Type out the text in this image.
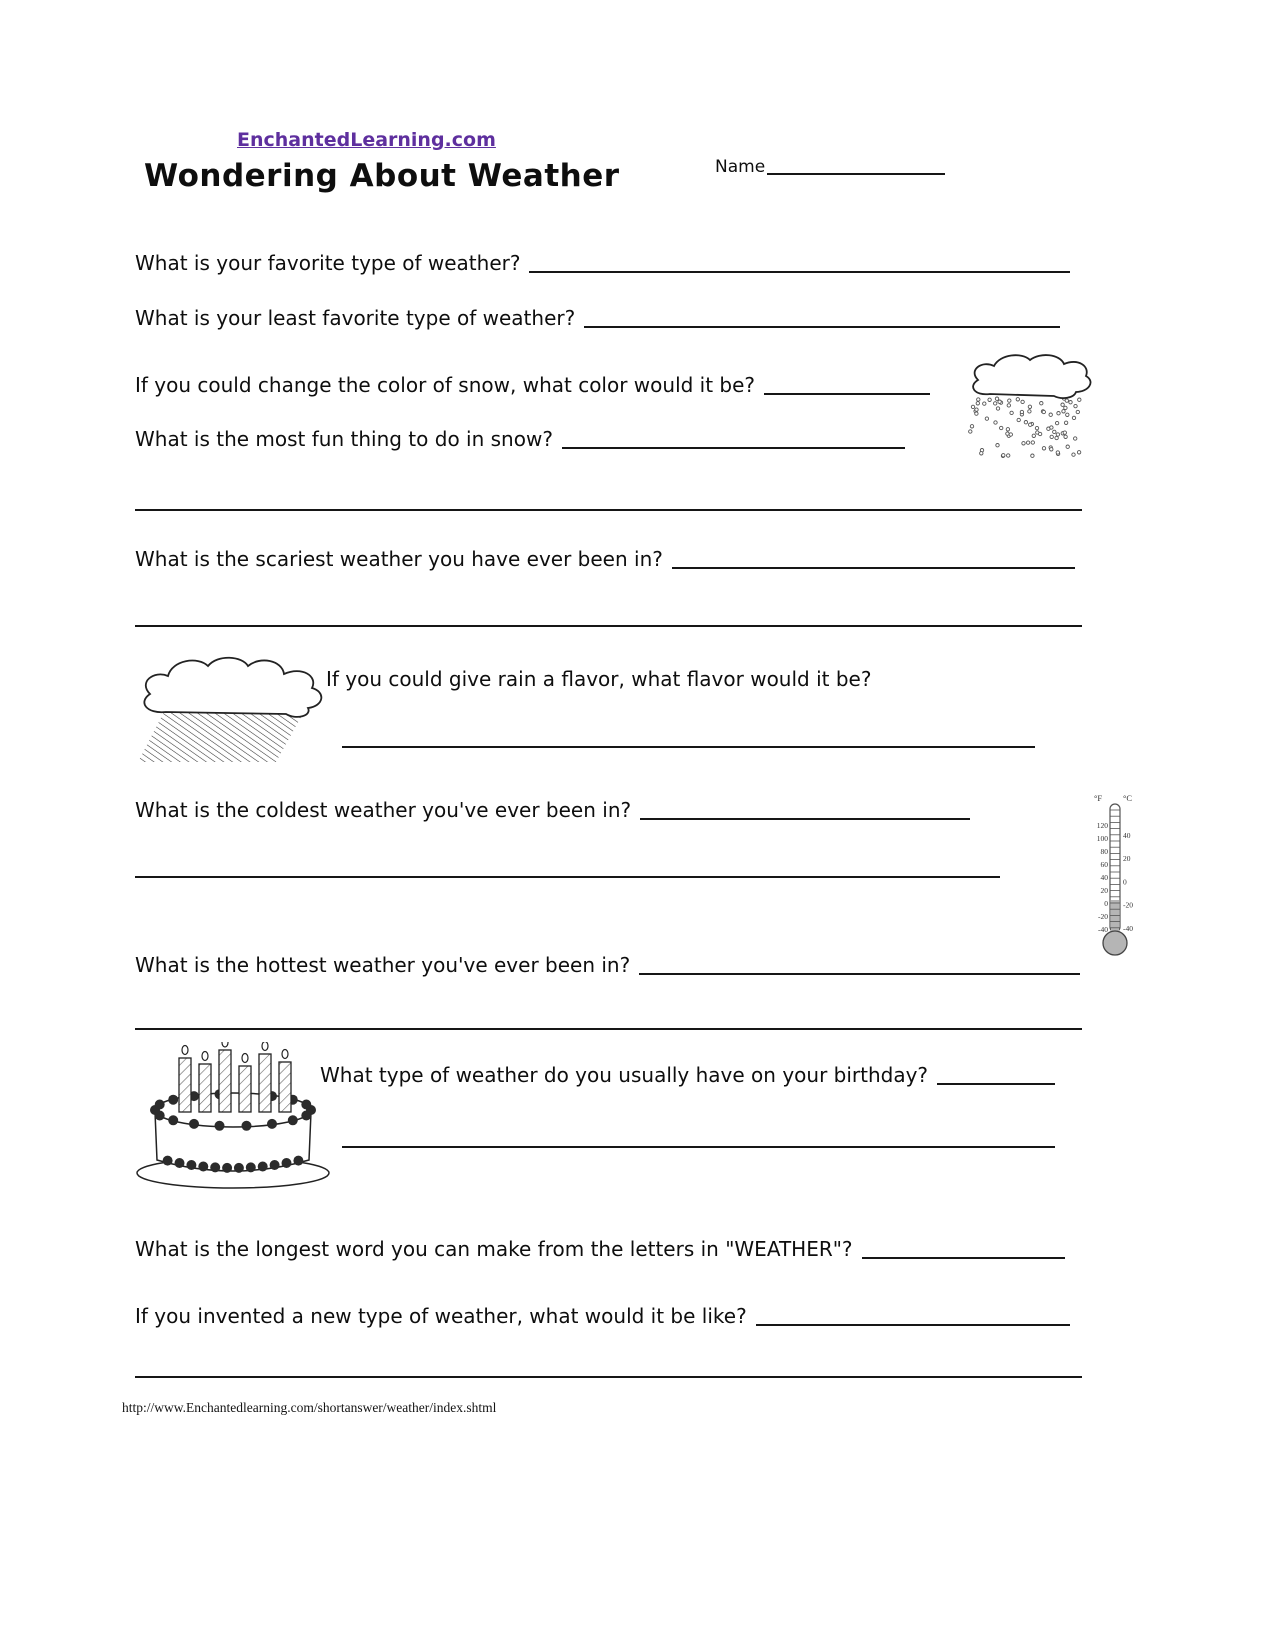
EnchantedLearning.com
Wondering About Weather	Name
What is your favorite type of weather?
What is your least favorite type of weather?
If you could change the color of snow, what color would it be?
What is the most fun thing to do in snow?
What is the scariest weather you have ever been in?
If you could give rain a flavor, what flavor would it be?
What is the coldest weather you've ever been in?	°F °C
120
100
80
60
40
20
0
-20
-40
40
20
0
-20
-40
What is the hottest weather you've ever been in?
What type of weather do you usually have on your birthday?
What is the longest word you can make from the letters in "WEATHER"?
If you invented a new type of weather, what would it be like?
http://www.Enchantedlearning.com/shortanswer/weather/index.shtml
